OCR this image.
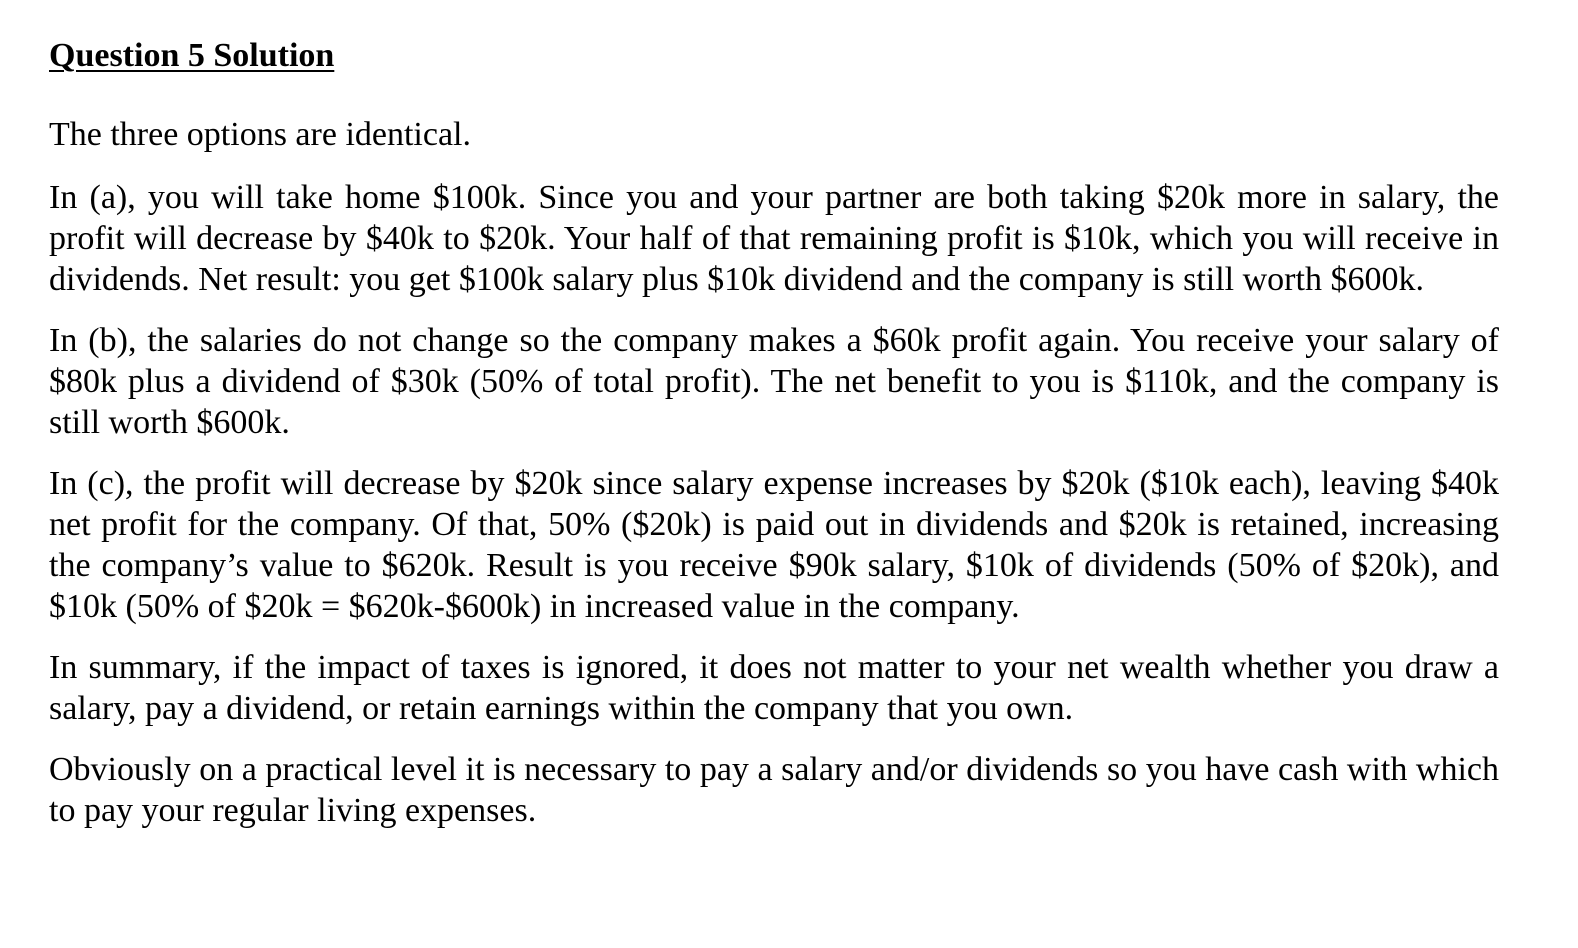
Question 5 Solution

The three options are identical.

In (a), you will take home $100k. Since you and your partner are both taking $20k more in salary, the profit will decrease by $40k to $20k. Your half of that remaining profit is $10k, which you will receive in dividends. Net result: you get $100k salary plus $10k dividend and the company is still worth $600k.

In (b), the salaries do not change so the company makes a $60k profit again. You receive your salary of $80k plus a dividend of $30k (50% of total profit). The net benefit to you is $110k, and the company is still worth $600k.

In (c), the profit will decrease by $20k since salary expense increases by $20k ($10k each), leaving $40k net profit for the company. Of that, 50% ($20k) is paid out in dividends and $20k is retained, increasing the company’s value to $620k. Result is you receive $90k salary, $10k of dividends (50% of $20k), and $10k (50% of $20k = $620k-$600k) in increased value in the company.

In summary, if the impact of taxes is ignored, it does not matter to your net wealth whether you draw a salary, pay a dividend, or retain earnings within the company that you own.

Obviously on a practical level it is necessary to pay a salary and/or dividends so you have cash with which to pay your regular living expenses.
